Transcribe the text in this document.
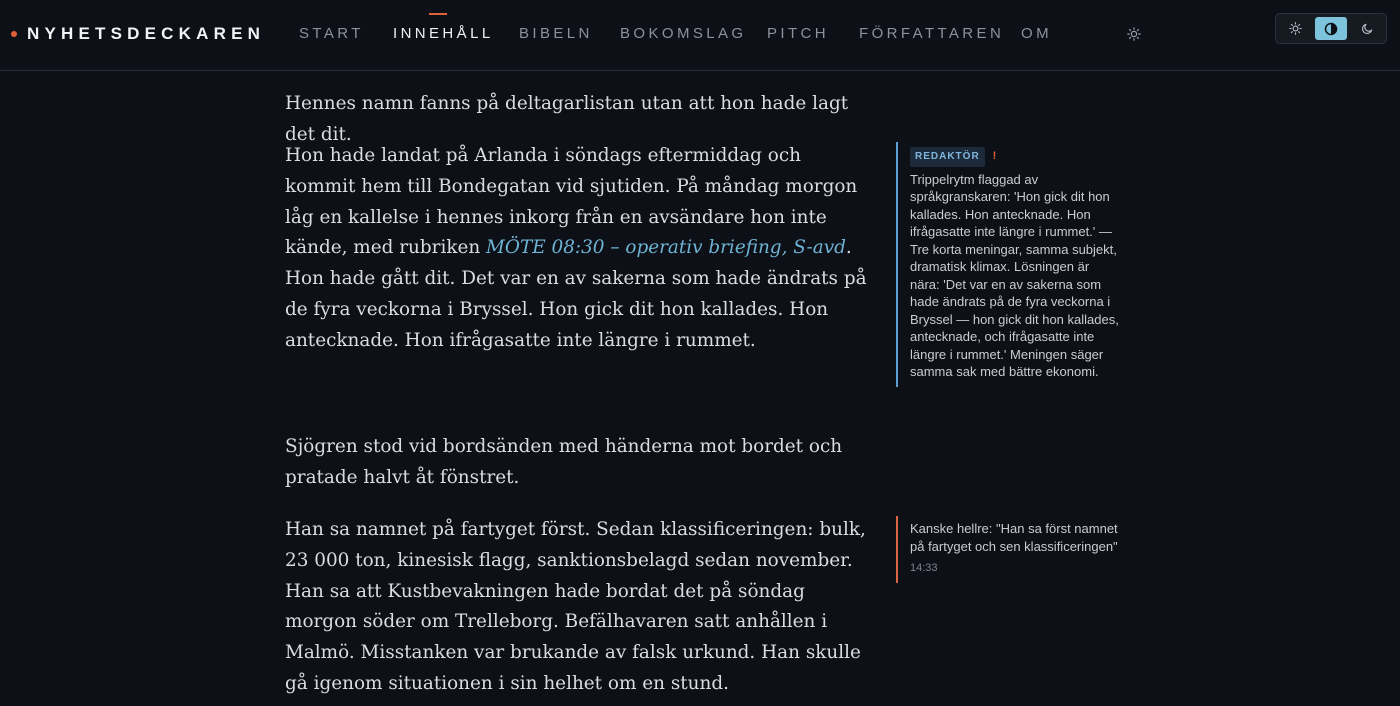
NYHETSDECKAREN START INNEHÅLL BIBELN BOKOMSLAG PITCH FÖRFATTAREN OM

Hennes namn fanns på deltagarlistan utan att hon hade lagt det dit.

Hon hade landat på Arlanda i söndags eftermiddag och kommit hem till Bondegatan vid sjutiden. På måndag morgon låg en kallelse i hennes inkorg från en avsändare hon inte kände, med rubriken MÖTE 08:30 – operativ briefing, S-avd. Hon hade gått dit. Det var en av sakerna som hade ändrats på de fyra veckorna i Bryssel. Hon gick dit hon kallades. Hon antecknade. Hon ifrågasatte inte längre i rummet.

Sjögren stod vid bordsänden med händerna mot bordet och pratade halvt åt fönstret.

Han sa namnet på fartyget först. Sedan klassificeringen: bulk, 23 000 ton, kinesisk flagg, sanktionsbelagd sedan november. Han sa att Kustbevakningen hade bordat det på söndag morgon söder om Trelleborg. Befälhavaren satt anhållen i Malmö. Misstanken var brukande av falsk urkund. Han skulle gå igenom situationen i sin helhet om en stund.

REDAKTÖR	!
Trippelrytm flaggad av språkgranskaren: 'Hon gick dit hon kallades. Hon antecknade. Hon ifrågasatte inte längre i rummet.' — Tre korta meningar, samma subjekt, dramatisk klimax. Lösningen är nära: 'Det var en av sakerna som hade ändrats på de fyra veckorna i Bryssel — hon gick dit hon kallades, antecknade, och ifrågasatte inte längre i rummet.' Meningen säger samma sak med bättre ekonomi.
Kanske hellre: "Han sa först namnet på fartyget och sen klassificeringen"
14:33
